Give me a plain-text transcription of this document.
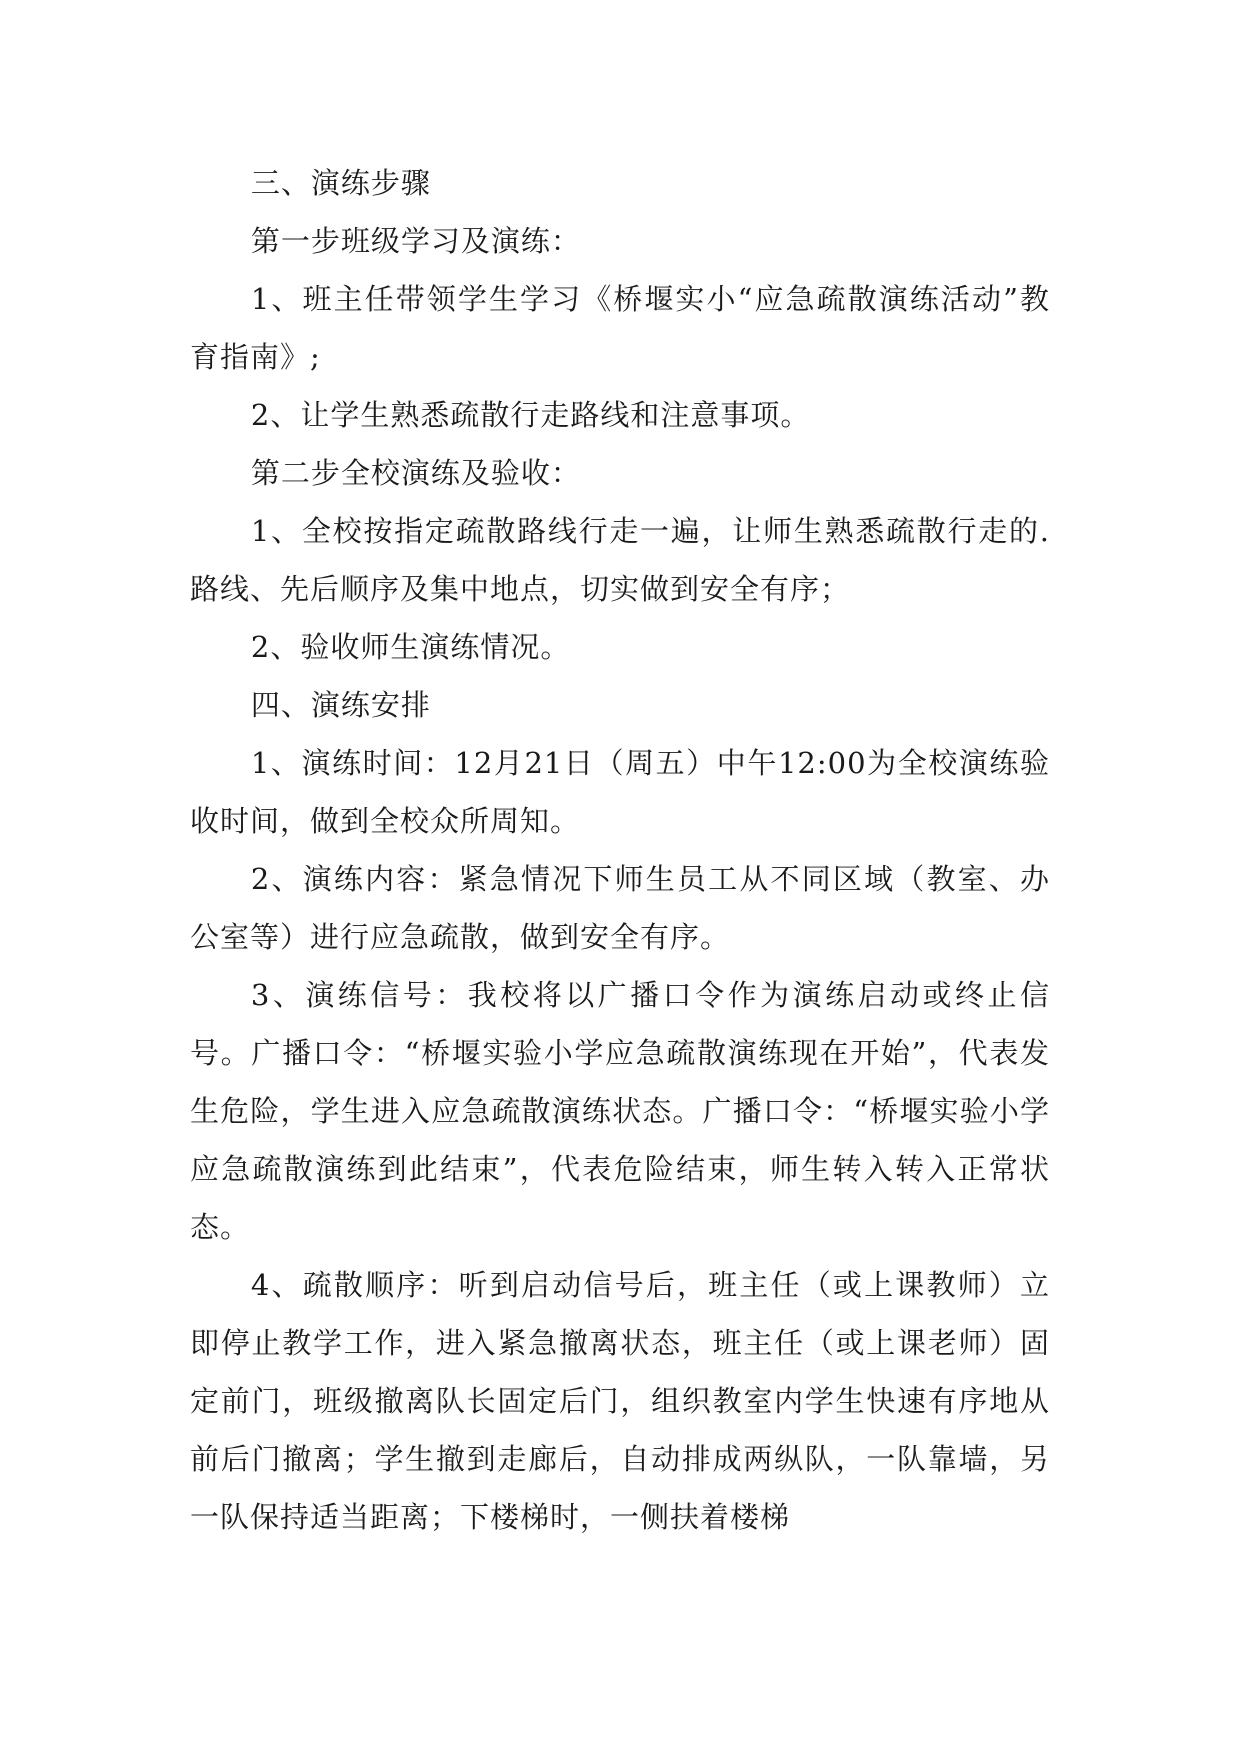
三、演练步骤

第一步班级学习及演练：

1、班主任带领学生学习《桥堰实小“应急疏散演练活动”教育指南》;

2、让学生熟悉疏散行走路线和注意事项。

第二步全校演练及验收：

1、全校按指定疏散路线行走一遍，让师生熟悉疏散行走的.路线、先后顺序及集中地点，切实做到安全有序；

2、验收师生演练情况。

四、演练安排

1、演练时间：12月21日（周五）中午12:00为全校演练验收时间，做到全校众所周知。

2、演练内容：紧急情况下师生员工从不同区域（教室、办公室等）进行应急疏散，做到安全有序。

3、演练信号：我校将以广播口令作为演练启动或终止信号。广播口令：“桥堰实验小学应急疏散演练现在开始”，代表发生危险，学生进入应急疏散演练状态。广播口令：“桥堰实验小学应急疏散演练到此结束”，代表危险结束，师生转入转入正常状态。

4、疏散顺序：听到启动信号后，班主任（或上课教师）立即停止教学工作，进入紧急撤离状态，班主任（或上课老师）固定前门，班级撤离队长固定后门，组织教室内学生快速有序地从前后门撤离；学生撤到走廊后，自动排成两纵队，一队靠墙，另一队保持适当距离；下楼梯时，一侧扶着楼梯
